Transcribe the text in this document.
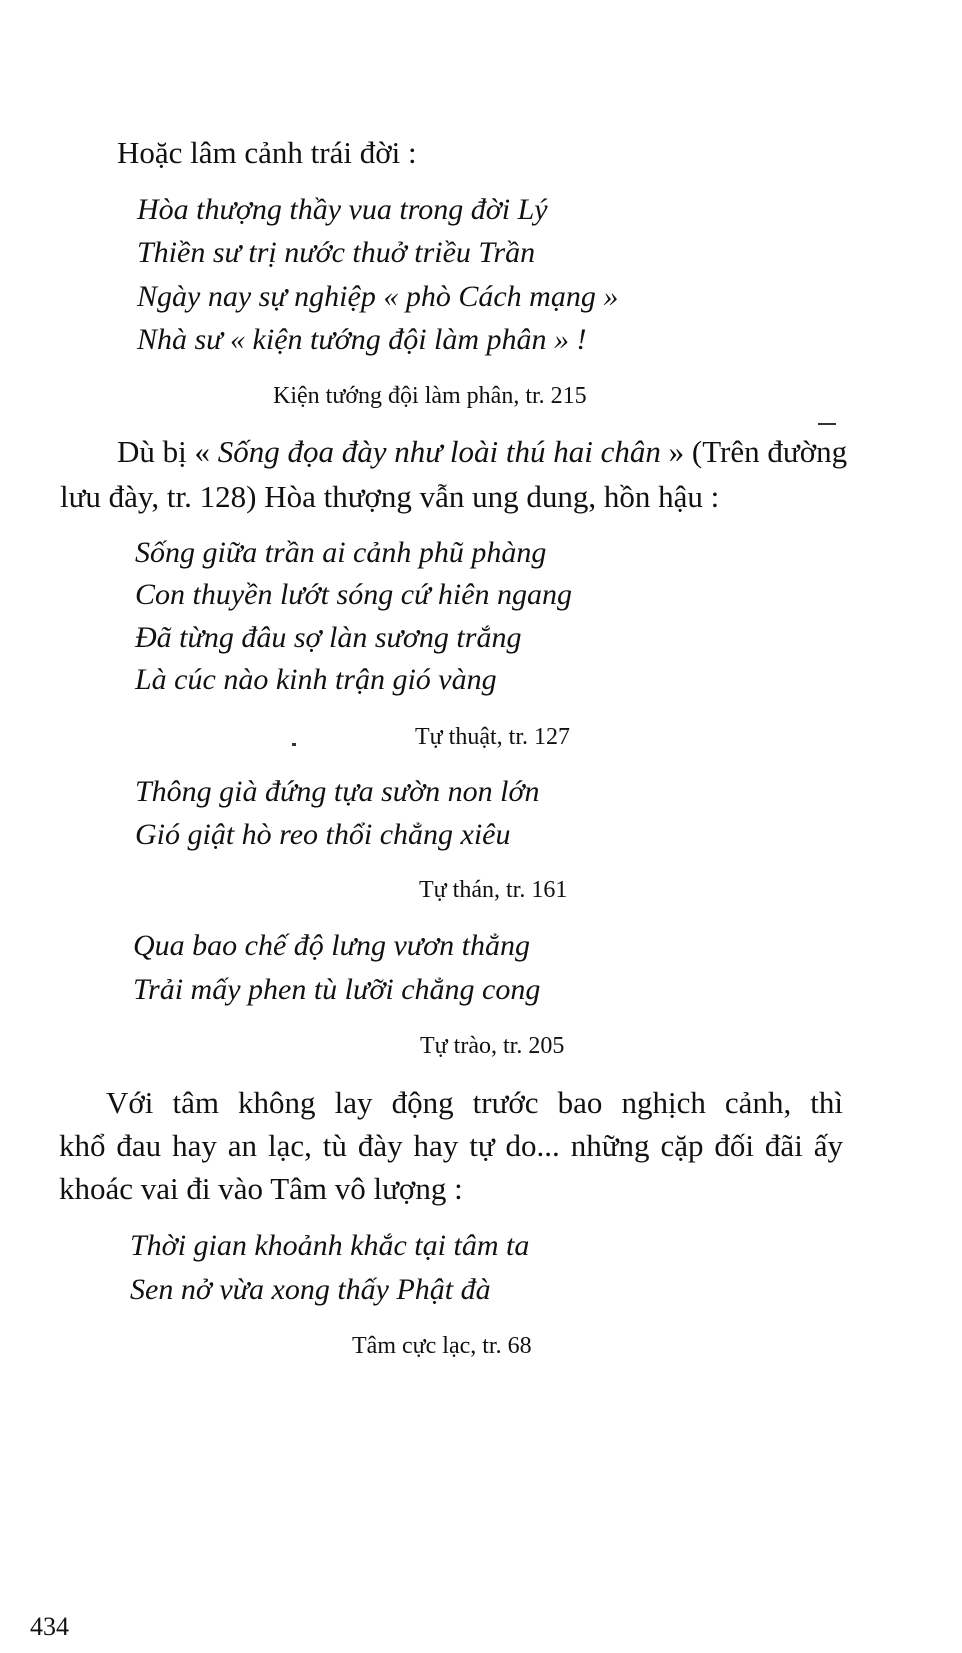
Hoặc lâm cảnh trái đời :

Hòa thượng thầy vua trong đời Lý

Thiền sư trị nước thuở triều Trần

Ngày nay sự nghiệp « phò Cách mạng »

Nhà sư « kiện tướng đội làm phân » !

Kiện tướng đội làm phân, tr. 215

Dù bị « Sống đọa đày như loài thú hai chân » (Trên đường

lưu đày, tr. 128) Hòa thượng vẫn ung dung, hồn hậu :

Sống giữa trần ai cảnh phũ phàng

Con thuyền lướt sóng cứ hiên ngang

Đã từng đâu sợ làn sương trắng

Là cúc nào kinh trận gió vàng

Tự thuật, tr. 127

Thông già đứng tựa sườn non lớn

Gió giật hò reo thổi chẳng xiêu

Tự thán, tr. 161

Qua bao chế độ lưng vươn thẳng

Trải mấy phen tù lưỡi chẳng cong

Tự trào, tr. 205

Với tâm không lay động trước bao nghịch cảnh, thì

khổ đau hay an lạc, tù đày hay tự do... những cặp đối đãi ấy

khoác vai đi vào Tâm vô lượng :

Thời gian khoảnh khắc tại tâm ta

Sen nở vừa xong thấy Phật đà

Tâm cực lạc, tr. 68

434
